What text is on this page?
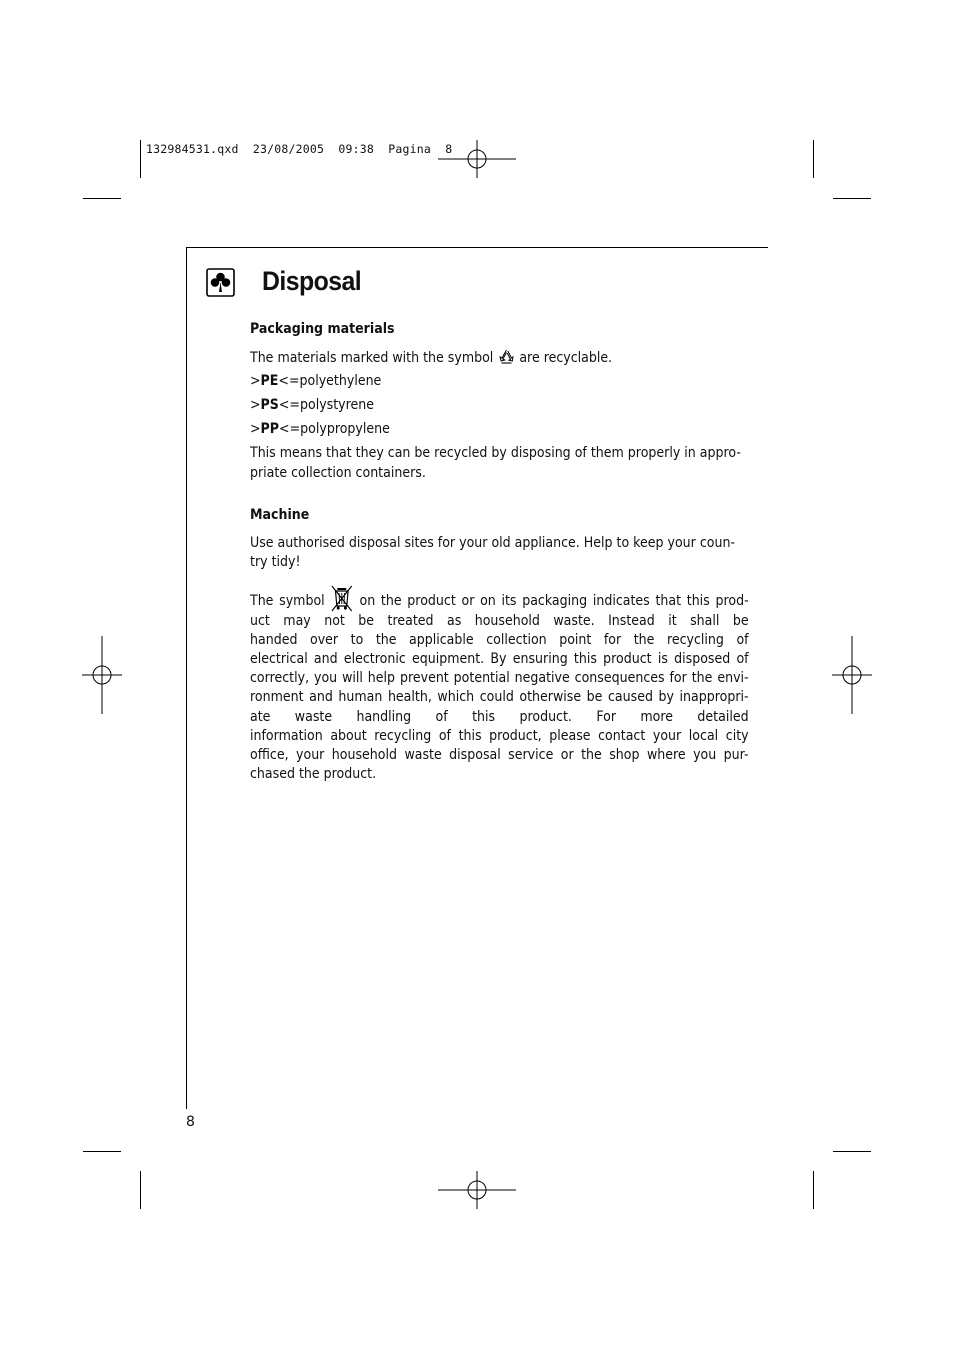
132984531.qxd  23/08/2005  09:38  Pagina  8
Disposal
Packaging materials
The materials marked with the symbol are recyclable.
>PE<=polyethylene
>PS<=polystyrene
>PP<=polypropylene
This means that they can be recycled by disposing of them properly in appro-
priate collection containers.
Machine
Use authorised disposal sites for your old appliance. Help to keep your coun-
try tidy!
The symbol on the product or on its packaging indicates that this prod-
uct may not be treated as household waste. Instead it shall be
handed over to the applicable collection point for the recycling of
electrical and electronic equipment. By ensuring this product is disposed of
correctly, you will help prevent potential negative consequences for the envi-
ronment and human health, which could otherwise be caused by inappropri-
ate waste handling of this product. For more detailed
information about recycling of this product, please contact your local city
office, your household waste disposal service or the shop where you pur-
chased the product.
8
